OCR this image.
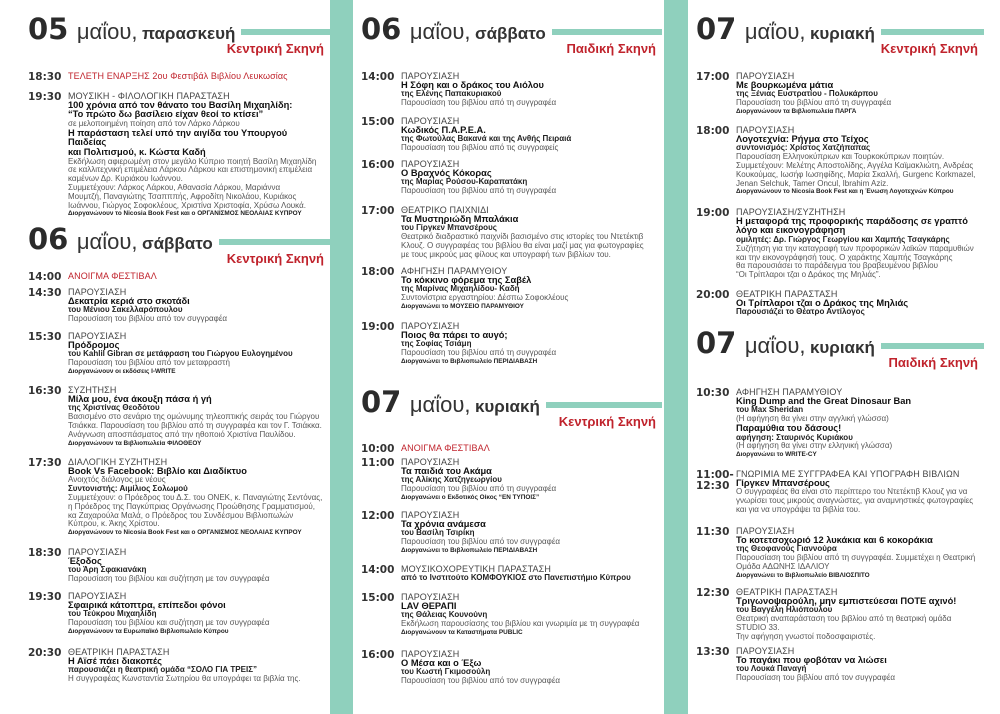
05 μαΐου, παρασκευή
Κεντρική Σκηνή
18:30 ΤΕΛΕΤΗ ΕΝΑΡΞΗΣ 2ου Φεστιβάλ Βιβλίου Λευκωσίας
19:30 ΜΟΥΣΙΚΗ - ΦΙΛΟΛΟΓΙΚΗ ΠΑΡΑΣΤΑΣΗ
100 χρόνια από τον θάνατο του Βασίλη Μιχαηλίδη:
“Το πρώτο δω βασίλειο είχαν θεοί το κτίσει”
σε μελοποιημένη ποίηση από τον Λάρκο Λάρκου
Η παράσταση τελεί υπό την αιγίδα του Υπουργού Παιδείας
και Πολιτισμού, κ. Κώστα Καδή
Εκδήλωση αφιερωμένη στον μεγάλο Κύπριο ποιητή Βασίλη Μιχαηλίδη
σε καλλιτεχνική επιμέλεια Λάρκου Λάρκου και επιστημονική επιμέλεια
καμένων Δρ. Κυριάκου Ιωάννου.
Συμμετέχουν: Λάρκος Λάρκου, Αθανασία Λάρκου, Μαριάννα
Μουμτζή, Παναγιώτης Τσαπππής, Αφροδίτη Νικολάου, Κυριάκος
Ιωάννου, Γιώργος Σοφοκλέους, Χριστίνα Χριστοφία, Χρύσω Λουκά.
Διοργανώνουν το Nicosia Book Fest και ο ΟΡΓΑΝΙΣΜΟΣ ΝΕΟΛΑΙΑΣ ΚΥΠΡΟΥ
06 μαΐου, σάββατο
Κεντρική Σκηνή
14:00 ΑΝΟΙΓΜΑ ΦΕΣΤΙΒΑΛ
14:30 ΠΑΡΟΥΣΙΑΣΗ
Δεκατρία κεριά στο σκοτάδι
του Μένιου Σακελλαρόπουλου
Παρουσίαση του βιβλίου από τον συγγραφέα
15:30 ΠΑΡΟΥΣΙΑΣΗ
Πρόδρομος
του Kahlil Gibran σε μετάφραση του Γιώργου Ευλογημένου
Παρουσίαση του βιβλίου από τον μεταφραστή
Διοργανώνουν οι εκδόσεις I-WRITE
16:30 ΣΥΖΗΤΗΣΗ
Μίλα μου, ένα άκουξη πάσα ή γή
της Χριστίνας Θεοδότου
Βασισμένο στο σενάριο της ομώνυμης τηλεοπτικής σειράς του Γιώργου
Τσιάκκα. Παρουσίαση του βιβλίου από τη συγγραφέα και τον Γ. Τσιάκκα.
Ανάγνωση αποσπάσματος από την ηθοποιό Χριστίνα Παυλίδου.
Διοργανώνουν τα Βιβλιοπωλεία ΦΙΛΟΘΕΟΥ
17:30 ΔΙΑΛΟΓΙΚΗ ΣΥΖΗΤΗΣΗ
Book Vs Facebook: Βιβλίο και Διαδίκτυο
Ανοιχτός διάλογος με νέους
Συντονιστής: Αιμίλιος Σολωμού
Συμμετέχουν: ο Πρόεδρος του Δ.Σ. του ΟΝΕΚ, κ. Παναγιώτης Σεντόνας,
η Πρόεδρος της Παγκύπριας Οργάνωσης Προώθησης Γραμματισμού,
κα Ζαχαρούλα Μαλά, ο Πρόεδρος του Συνδέσμου Βιβλιοπωλών
Κύπρου, κ. Άκης Χρίστου.
Διοργανώνουν το Nicosia Book Fest και ο ΟΡΓΑΝΙΣΜΟΣ ΝΕΟΛΑΙΑΣ ΚΥΠΡΟΥ
18:30 ΠΑΡΟΥΣΙΑΣΗ
Έξοδος
του Άρη Σφακιανάκη
Παρουσίαση του βιβλίου και συζήτηση με τον συγγραφέα
19:30 ΠΑΡΟΥΣΙΑΣΗ
Σφαιρικά κάτοπτρα, επίπεδοι φόνοι
του Τεύκρου Μιχαηλίδη
Παρουσίαση του βιβλίου και συζήτηση με τον συγγραφέα
Διοργανώνουν τα Ευρωπαϊκό Βιβλιοπωλείο Κύπρου
20:30 ΘΕΑΤΡΙΚΗ ΠΑΡΑΣΤΑΣΗ
Η Αϊσέ πάει διακοπές
παρουσιάζει η θεατρική ομάδα “ΣΟΛΟ ΓΙΑ ΤΡΕΙΣ”
Η συγγραφέας Κωνσταντία Σωτηρίου θα υπογράφει τα βιβλία της.
06 μαΐου, σάββατο
Παιδική Σκηνή
14:00 ΠΑΡΟΥΣΙΑΣΗ
Η Σόφη και ο δράκος του Αιόλου
της Ελένης Παπακυριακού
Παρουσίαση του βιβλίου από τη συγγραφέα
15:00 ΠΑΡΟΥΣΙΑΣΗ
Κωδικός Π.Α.Ρ.Ε.Α.
της Φωτούλας Βακανά και της Ανθής Πειραιά
Παρουσίαση του βιβλίου από τις συγγραφείς
16:00 ΠΑΡΟΥΣΙΑΣΗ
Ο Βραχνός Κόκορας
της Μαρίας Ρούσου-Καραπατάκη
Παρουσίαση του βιβλίου από τη συγγραφέα
17:00 ΘΕΑΤΡΙΚΟ ΠΑΙΧΝΙΔΙ
Τα Μυστηριώδη Μπαλάκια
του Γίργκεν Μπανσέρους
Θεατρικό διαδραστικό παιχνίδι βασισμένο στις ιστορίες του Ντετέκτιβ
Κλουζ. Ο συγγραφέας του βιβλίου θα είναι μαζί μας για φωτογραφίες
με τους μικρούς μας φίλους και υπογραφή των βιβλίων του.
18:00 ΑΦΗΓΗΣΗ ΠΑΡΑΜΥΘΙΟΥ
Το κόκκινο φόρεμα της Σαβέλ
της Μαρίνας Μιχαηλίδου- Καδή
Συντονίστρια εργαστηρίου: Δέσπω Σοφοκλέους
Διοργανώνει το ΜΟΥΣΕΙΟ ΠΑΡΑΜΥΘΙΟΥ
19:00 ΠΑΡΟΥΣΙΑΣΗ
Ποιος θα πάρει το αυγό;
της Σοφίας Τσιάμη
Παρουσίαση του βιβλίου από τη συγγραφέα
Διοργανώνει το Βιβλιοπωλείο ΠΕΡΙΔΙΑΒΑΣΗ
07 μαΐου, κυριακή
Κεντρική Σκηνή
10:00 ΑΝΟΙΓΜΑ ΦΕΣΤΙΒΑΛ
11:00 ΠΑΡΟΥΣΙΑΣΗ
Τα παιδιά του Ακάμα
της Αλίκης Χατζηγεωργίου
Παρουσίαση του βιβλίου από τη συγγραφέα
Διοργανώνει ο Εκδοτικός Οίκος “ΕΝ ΤΥΠΟΙΣ”
12:00 ΠΑΡΟΥΣΙΑΣΗ
Τα χρόνια ανάμεσα
του Βασίλη Τσιρίκη
Παρουσίαση του βιβλίου από τον συγγραφέα
Διοργανώνει το Βιβλιοπωλείο ΠΕΡΙΔΙΑΒΑΣΗ
14:00 ΜΟΥΣΙΚΟΧΟΡΕΥΤΙΚΗ ΠΑΡΑΣΤΑΣΗ
από το Ινστιτούτο ΚΟΜΦΟΥΚΙΟΣ στο Πανεπιστήμιο Κύπρου
15:00 ΠΑΡΟΥΣΙΑΣΗ
LAV ΘΕΡΑΠΙ
της Θάλειας Κουνούνη
Εκδήλωση παρουσίασης του βιβλίου και γνωριμία με τη συγγραφέα
Διοργανώνουν τα Καταστήματα PUBLIC
16:00 ΠΑΡΟΥΣΙΑΣΗ
Ο Μέσα και ο Έξω
του Κωστή Γκιμοσούλη
Παρουσίαση του βιβλίου από τον συγγραφέα
07 μαΐου, κυριακή
Κεντρική Σκηνή
17:00 ΠΑΡΟΥΣΙΑΣΗ
Με βουρκωμένα μάτια
της Ξένιας Ευστρατίου - Πολυκάρπου
Παρουσίαση του βιβλίου από τη συγγραφέα
Διοργανώνουν τα Βιβλιοπωλεία ΠΑΡΓΑ
18:00 ΠΑΡΟΥΣΙΑΣΗ
Λογοτεχνία: Ρήγμα στο Τείχος
συντονισμός: Χρίστος Χατζήπαπας
Παρουσίαση Ελληνοκύπριων και Τουρκοκύπριων ποιητών.
Συμμετέχουν: Μελέτης Αποστολίδης, Αγγέλα Καϊμακλιώτη, Ανδρέας
Κουκούμας, Ιωσήφ Ιωσηφίδης, Μαρία Σκαλλή, Gurgenc Korkmazel,
Jenan Selchuk, Tamer Oncul, Ibrahim Aziz.
Διοργανώνουν το Nicosia Book Fest και η Ένωση Λογοτεχνών Κύπρου
19:00 ΠΑΡΟΥΣΙΑΣΗ/ΣΥΖΗΤΗΣΗ
Η μεταφορά της προφορικής παράδοσης σε γραπτό
λόγο και εικονογράφηση
ομιλητές: Δρ. Γιώργος Γεωργίου και Χαμπής Τσαγκάρης
Συζήτηση για την καταγραφή των προφορικών λαϊκών παραμυθιών
και την εικονογράφησή τους. Ο χαράκτης Χαμπής Τσαγκάρης
θα παρουσιάσει το παράδειγμα του βραβευμένου βιβλίου
“Οι Τρίπλαροι τζαι ο Δράκος της Μηλιάς”.
20:00 ΘΕΑΤΡΙΚΗ ΠΑΡΑΣΤΑΣΗ
Οι Τρίπλαροι τζαι ο Δράκος της Μηλιάς
Παρουσιάζει το Θέατρο Αντίλογος
07 μαΐου, κυριακή
Παιδική Σκηνή
10:30 ΑΦΗΓΗΣΗ ΠΑΡΑΜΥΘΙΟΥ
King Dump and the Great Dinosaur Ban
του Max Sheridan
(Η αφήγηση θα γίνει στην αγγλική γλώσσα)
Παραμύθια του δάσους!
αφήγηση: Σταυρινός Κυριάκου
(Η αφήγηση θα γίνει στην ελληνική γλώσσα)
Διοργανώνει το WRITE-CY
11:00-
12:30
ΓΝΩΡΙΜΙΑ ΜΕ ΣΥΓΓΡΑΦΕΑ ΚΑΙ ΥΠΟΓΡΑΦΗ ΒΙΒΛΙΩΝ
Γίργκεν Μπανσέρους
Ο συγγραφέας θα είναι στο περίπτερο του Ντετέκτιβ Κλουζ για να
γνωρίσει τους μικρούς αναγνώστες, για αναμνηστικές φωτογραφίες
και για να υπογράψει τα βιβλία του.
11:30 ΠΑΡΟΥΣΙΑΣΗ
Το κοτετσοχωριό 12 λυκάκια και 6 κοκοράκια
της Θεοφανούς Γιαννούρα
Παρουσίαση του βιβλίου από τη συγγραφέα. Συμμετέχει η Θεατρική
Ομάδα ΑΔΩΝΗΣ ΙΔΑΛΙΟΥ
Διοργανώνει το Βιβλιοπωλείο ΒΙΒΛΙΟΣΠΙΤΟ
12:30 ΘΕΑΤΡΙΚΗ ΠΑΡΑΣΤΑΣΗ
Τριγωνοψαρούλη, μην εμπιστεύεσαι ΠΟΤΕ αχινό!
του Βαγγέλη Ηλιόπουλου
Θεατρική αναπαράσταση του βιβλίου από τη θεατρική ομάδα STUDIO 33.
Την αφήγηση γνωστοί ποδοσφαιριστές.
13:30 ΠΑΡΟΥΣΙΑΣΗ
Το παγάκι που φοβόταν να λιώσει
του Λουκά Παναγή
Παρουσίαση του βιβλίου από τον συγγραφέα
